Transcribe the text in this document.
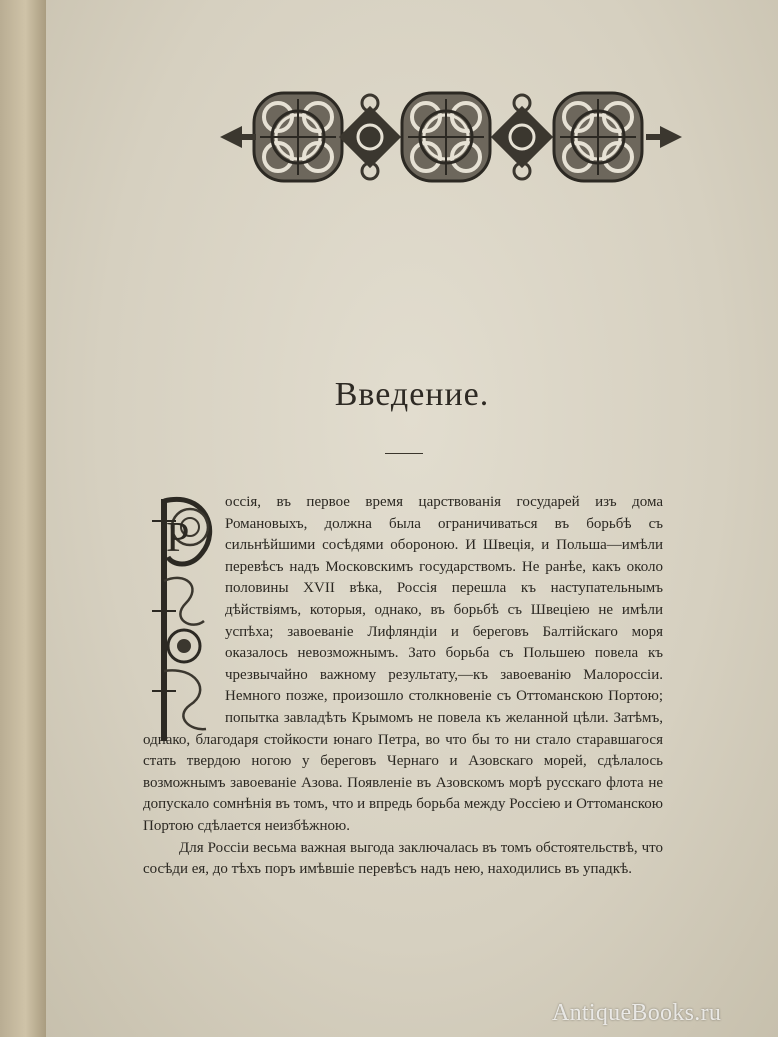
Введение.
Р

оссія, въ первое время царствованія государей изъ дома Романовыхъ, должна была ограничиваться въ борьбѣ съ сильнѣйшими сосѣдями обороною. И Швеція, и Польша—имѣли перевѣсъ надъ Московскимъ государствомъ. Не ранѣе, какъ около половины XVII вѣка, Россія перешла къ наступательнымъ дѣйствіямъ, которыя, однако, въ борьбѣ съ Швеціею не имѣли успѣха; завоеваніе Лифляндіи и береговъ Балтійскаго моря оказалось невозможнымъ. Зато борьба съ Польшею повела къ чрезвычайно важному результату,—къ завоеванію Малороссіи. Немного позже, произошло столкновеніе съ Оттоманскою Портою; попытка завладѣть Крымомъ не повела къ желанной цѣли. Затѣмъ, однако, благодаря стойкости юнаго Петра, во что бы то ни стало старавшагося стать твердою ногою у береговъ Чернаго и Азовскаго морей, сдѣлалось возможнымъ завоеваніе Азова. Появленіе въ Азовскомъ морѣ русскаго флота не допускало сомнѣнія въ томъ, что и впредь борьба между Россіею и Оттоманскою Портою сдѣлается неизбѣжною.

Для Россіи весьма важная выгода заключалась въ томъ обстоятельствѣ, что сосѣди ея, до тѣхъ поръ имѣвшіе перевѣсъ надъ нею, находились въ упадкѣ.

AntiqueBooks.ru
